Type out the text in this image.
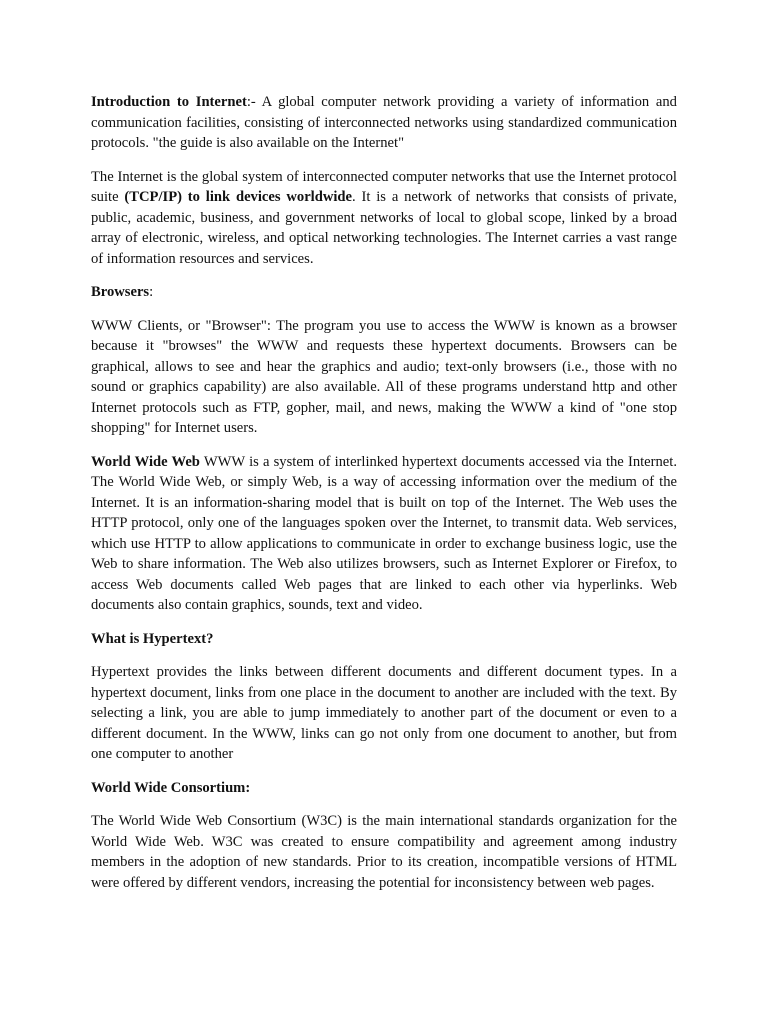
Introduction to Internet:- A global computer network providing a variety of information and communication facilities, consisting of interconnected networks using standardized communication protocols. "the guide is also available on the Internet"

The Internet is the global system of interconnected computer networks that use the Internet protocol suite (TCP/IP) to link devices worldwide. It is a network of networks that consists of private, public, academic, business, and government networks of local to global scope, linked by a broad array of electronic, wireless, and optical networking technologies. The Internet carries a vast range of information resources and services.

Browsers:

WWW Clients, or "Browser": The program you use to access the WWW is known as a browser because it "browses" the WWW and requests these hypertext documents. Browsers can be graphical, allows to see and hear the graphics and audio; text-only browsers (i.e., those with no sound or graphics capability) are also available. All of these programs understand http and other Internet protocols such as FTP, gopher, mail, and news, making the WWW a kind of "one stop shopping" for Internet users.

World Wide Web WWW is a system of interlinked hypertext documents accessed via the Internet. The World Wide Web, or simply Web, is a way of accessing information over the medium of the Internet. It is an information-sharing model that is built on top of the Internet. The Web uses the HTTP protocol, only one of the languages spoken over the Internet, to transmit data. Web services, which use HTTP to allow applications to communicate in order to exchange business logic, use the Web to share information. The Web also utilizes browsers, such as Internet Explorer or Firefox, to access Web documents called Web pages that are linked to each other via hyperlinks. Web documents also contain graphics, sounds, text and video.

What is Hypertext?

Hypertext provides the links between different documents and different document types. In a hypertext document, links from one place in the document to another are included with the text. By selecting a link, you are able to jump immediately to another part of the document or even to a different document. In the WWW, links can go not only from one document to another, but from one computer to another

World Wide Consortium:

The World Wide Web Consortium (W3C) is the main international standards organization for the World Wide Web. W3C was created to ensure compatibility and agreement among industry members in the adoption of new standards. Prior to its creation, incompatible versions of HTML were offered by different vendors, increasing the potential for inconsistency between web pages.
